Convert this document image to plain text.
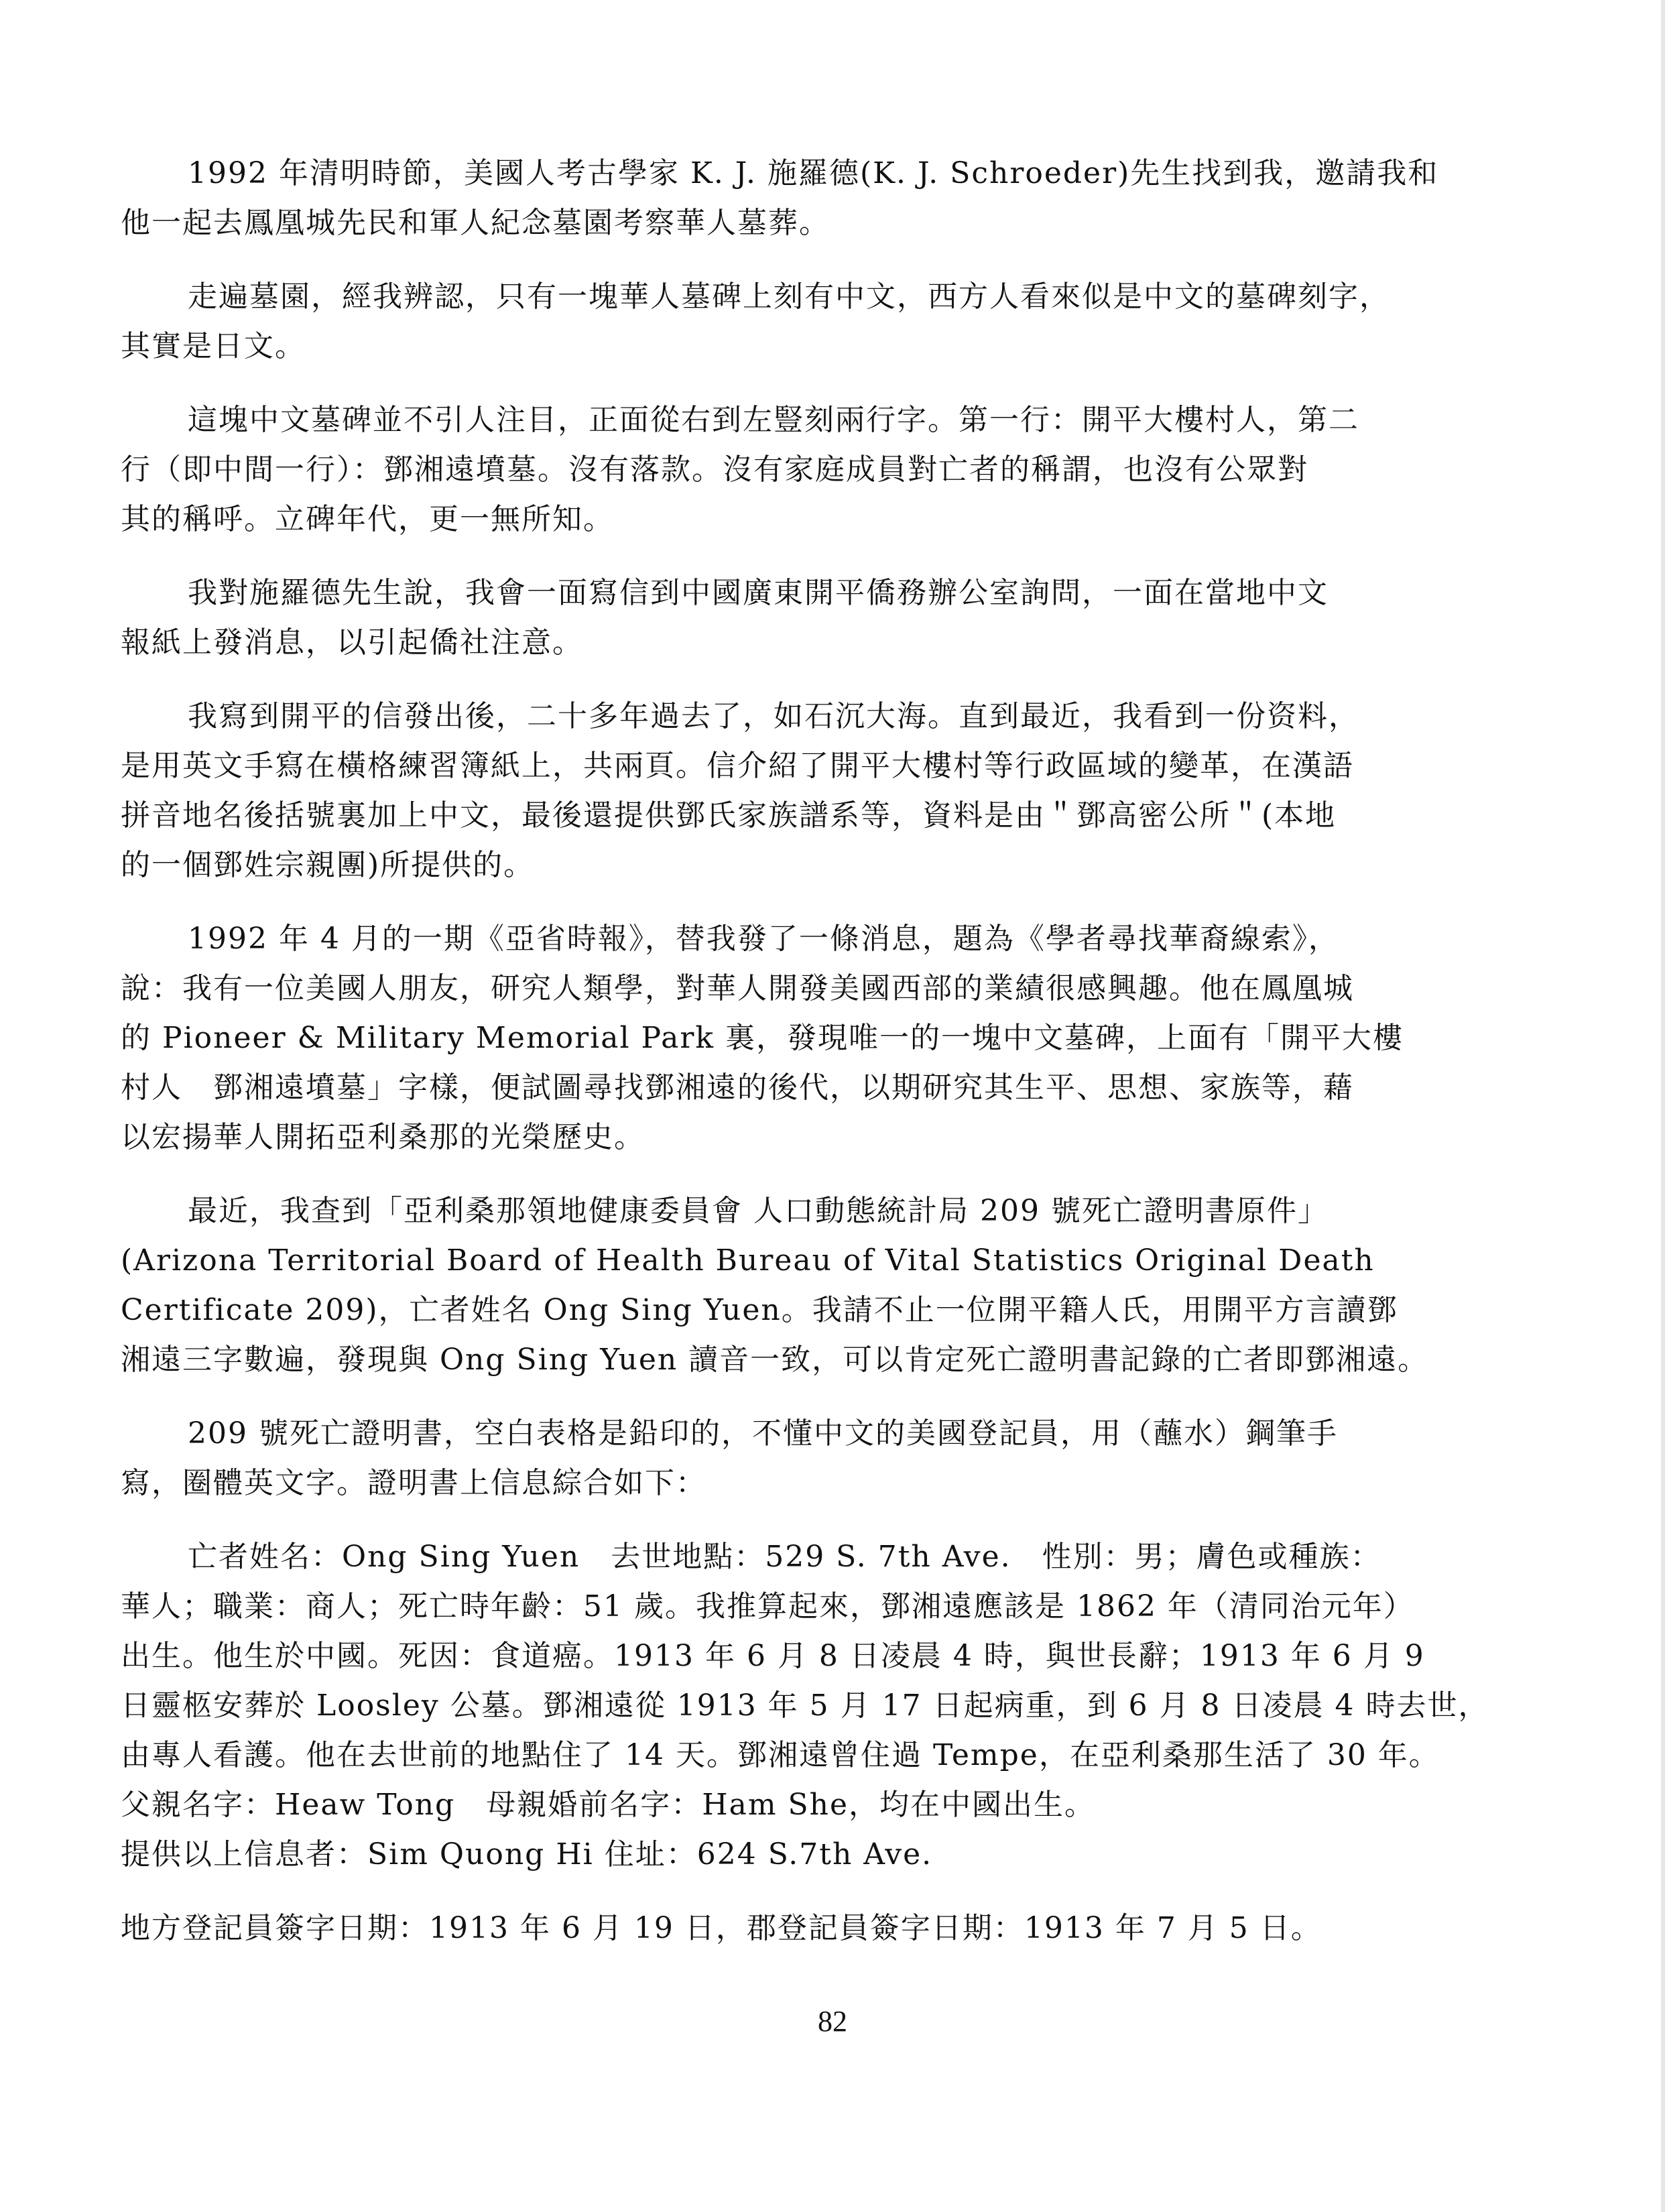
1992 年清明時節，美國人考古學家 K. J. 施羅德(K. J. Schroeder)先生找到我，邀請我和
他一起去鳳凰城先民和軍人紀念墓園考察華人墓葬。
走遍墓園，經我辨認，只有一塊華人墓碑上刻有中文，西方人看來似是中文的墓碑刻字，
其實是日文。
這塊中文墓碑並不引人注目，正面從右到左豎刻兩行字。第一行：開平大樓村人，第二
行（即中間一行）：鄧湘遠墳墓。沒有落款。沒有家庭成員對亡者的稱謂，也沒有公眾對
其的稱呼。立碑年代，更一無所知。
我對施羅德先生說，我會一面寫信到中國廣東開平僑務辦公室詢問，一面在當地中文
報紙上發消息，以引起僑社注意。
我寫到開平的信發出後，二十多年過去了，如石沉大海。直到最近，我看到一份资料，
是用英文手寫在橫格練習簿紙上，共兩頁。信介紹了開平大樓村等行政區域的變革，在漢語
拼音地名後括號裏加上中文，最後還提供鄧氏家族譜系等，資料是由＂鄧高密公所＂(本地
的一個鄧姓宗親團)所提供的。
1992 年 4 月的一期《亞省時報》，替我發了一條消息，題為《學者尋找華裔線索》，
說：我有一位美國人朋友，研究人類學，對華人開發美國西部的業績很感興趣。他在鳳凰城
的 Pioneer & Military Memorial Park 裏，發現唯一的一塊中文墓碑，上面有「開平大樓
村人　鄧湘遠墳墓」字樣，便試圖尋找鄧湘遠的後代，以期研究其生平、思想、家族等，藉
以宏揚華人開拓亞利桑那的光榮歷史。
最近，我查到「亞利桑那領地健康委員會 人口動態統計局 209 號死亡證明書原件」
(Arizona Territorial Board of Health Bureau of Vital Statistics Original Death
Certificate 209)，亡者姓名 Ong Sing Yuen。我請不止一位開平籍人氏，用開平方言讀鄧
湘遠三字數遍，發現與 Ong Sing Yuen 讀音一致，可以肯定死亡證明書記錄的亡者即鄧湘遠。
209 號死亡證明書，空白表格是鉛印的，不懂中文的美國登記員，用（蘸水）鋼筆手
寫，圈體英文字。證明書上信息綜合如下：
亡者姓名：Ong Sing Yuen　去世地點：529 S. 7th Ave.　性別：男；膚色或種族：
華人；職業：商人；死亡時年齡：51 歲。我推算起來，鄧湘遠應該是 1862 年（清同治元年）
出生。他生於中國。死因：食道癌。1913 年 6 月 8 日凌晨 4 時，與世長辭；1913 年 6 月 9
日靈柩安葬於 Loosley 公墓。鄧湘遠從 1913 年 5 月 17 日起病重，到 6 月 8 日凌晨 4 時去世，
由專人看護。他在去世前的地點住了 14 天。鄧湘遠曾住過 Tempe，在亞利桑那生活了 30 年。
父親名字：Heaw Tong　母親婚前名字：Ham She，均在中國出生。
提供以上信息者：Sim Quong Hi 住址：624 S.7th Ave.
地方登記員簽字日期：1913 年 6 月 19 日，郡登記員簽字日期：1913 年 7 月 5 日。
82
